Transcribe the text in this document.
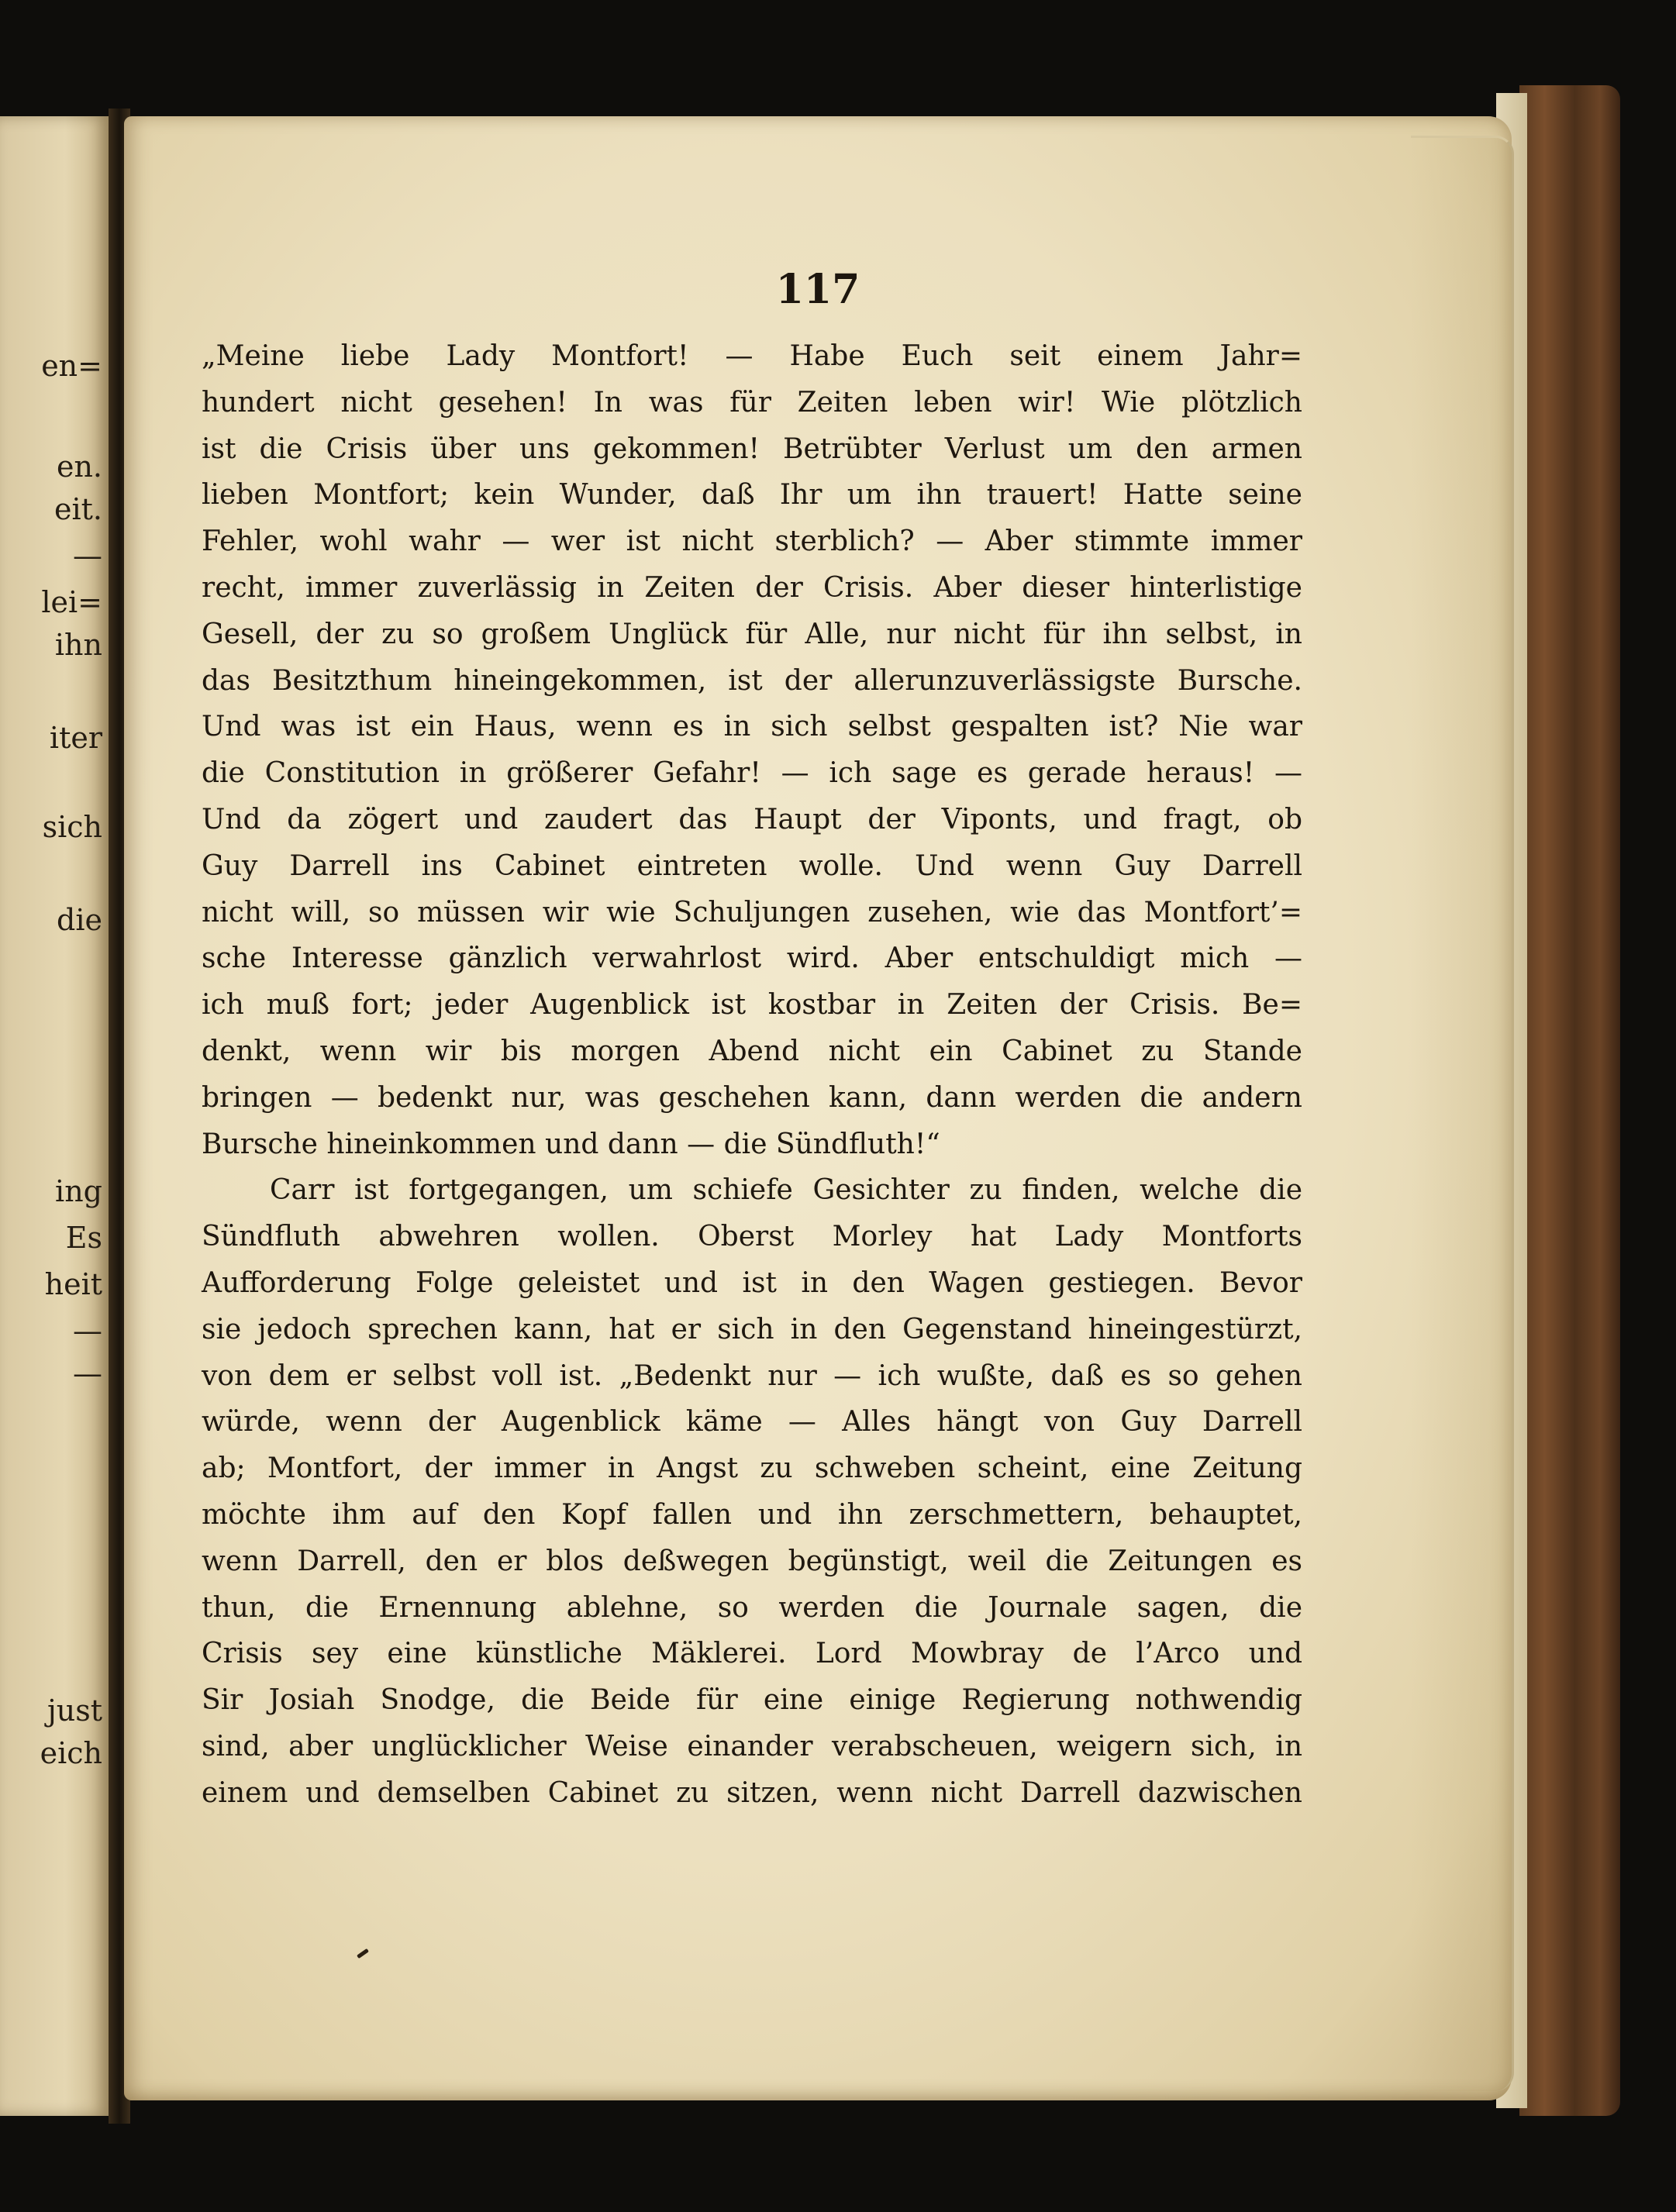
en=
en.
eit.
—
lei=
ihn
iter
sich
die
ing
Es
heit
—
—
just
eich
117
„Meine liebe Lady Montfort! — Habe Euch seit einem Jahr=
hundert nicht gesehen! In was für Zeiten leben wir! Wie plötzlich
ist die Crisis über uns gekommen! Betrübter Verlust um den armen
lieben Montfort; kein Wunder, daß Ihr um ihn trauert! Hatte seine
Fehler, wohl wahr — wer ist nicht sterblich? — Aber stimmte immer
recht, immer zuverlässig in Zeiten der Crisis. Aber dieser hinterlistige
Gesell, der zu so großem Unglück für Alle, nur nicht für ihn selbst, in
das Besitzthum hineingekommen, ist der allerunzuverlässigste Bursche.
Und was ist ein Haus, wenn es in sich selbst gespalten ist? Nie war
die Constitution in größerer Gefahr! — ich sage es gerade heraus! —
Und da zögert und zaudert das Haupt der Viponts, und fragt, ob
Guy Darrell ins Cabinet eintreten wolle. Und wenn Guy Darrell
nicht will, so müssen wir wie Schuljungen zusehen, wie das Montfort’=
sche Interesse gänzlich verwahrlost wird. Aber entschuldigt mich —
ich muß fort; jeder Augenblick ist kostbar in Zeiten der Crisis. Be=
denkt, wenn wir bis morgen Abend nicht ein Cabinet zu Stande
bringen — bedenkt nur, was geschehen kann, dann werden die andern
Bursche hineinkommen und dann — die Sündfluth!“
Carr ist fortgegangen, um schiefe Gesichter zu finden, welche die
Sündfluth abwehren wollen. Oberst Morley hat Lady Montforts
Aufforderung Folge geleistet und ist in den Wagen gestiegen. Bevor
sie jedoch sprechen kann, hat er sich in den Gegenstand hineingestürzt,
von dem er selbst voll ist. „Bedenkt nur — ich wußte, daß es so gehen
würde, wenn der Augenblick käme — Alles hängt von Guy Darrell
ab; Montfort, der immer in Angst zu schweben scheint, eine Zeitung
möchte ihm auf den Kopf fallen und ihn zerschmettern, behauptet,
wenn Darrell, den er blos deßwegen begünstigt, weil die Zeitungen es
thun, die Ernennung ablehne, so werden die Journale sagen, die
Crisis sey eine künstliche Mäklerei. Lord Mowbray de l’Arco und
Sir Josiah Snodge, die Beide für eine einige Regierung nothwendig
sind, aber unglücklicher Weise einander verabscheuen, weigern sich, in
einem und demselben Cabinet zu sitzen, wenn nicht Darrell dazwischen
